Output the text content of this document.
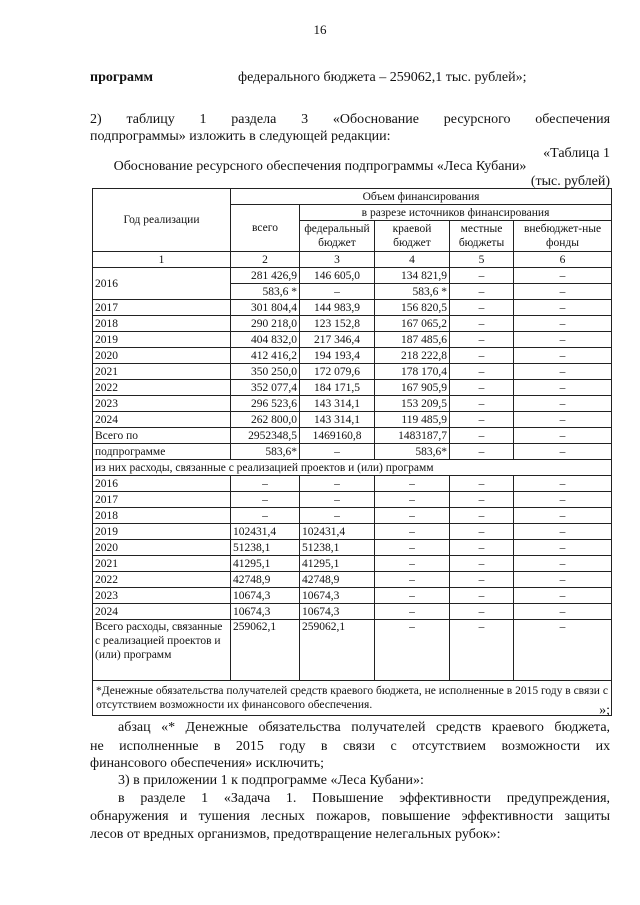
16
программ	федерального бюджета – 259062,1 тыс. рублей»;
2) таблицу 1 раздела 3 «Обоснование ресурсного обеспечения
подпрограммы» изложить в следующей редакции:
«Таблица 1
Обоснование ресурсного обеспечения подпрограммы «Леса Кубани»
(тыс. рублей)
Год реализации	Объем финансирования				
	всего	в разрезе источников финансирования			
		федеральный бюджет	краевой бюджет	местные бюджеты	внебюджет-ные фонды
1	2	3	4	5	6
2016	281 426,9	146 605,0	134 821,9	–	–
	583,6 *	–	583,6 *	–	–
2017	301 804,4	144 983,9	156 820,5	–	–
2018	290 218,0	123 152,8	167 065,2	–	–
2019	404 832,0	217 346,4	187 485,6	–	–
2020	412 416,2	194 193,4	218 222,8	–	–
2021	350 250,0	172 079,6	178 170,4	–	–
2022	352 077,4	184 171,5	167 905,9	–	–
2023	296 523,6	143 314,1	153 209,5	–	–
2024	262 800,0	143 314,1	119 485,9	–	–
Всего по	2952348,5	1469160,8	1483187,7	–	–
подпрограмме	583,6*	–	583,6*	–	–
из них расходы, связанные с реализацией проектов и (или) программ					
2016	–	–	–	–	–
2017	–	–	–	–	–
2018	–	–	–	–	–
2019	102431,4	102431,4	–	–	–
2020	51238,1	51238,1	–	–	–
2021	41295,1	41295,1	–	–	–
2022	42748,9	42748,9	–	–	–
2023	10674,3	10674,3	–	–	–
2024	10674,3	10674,3	–	–	–
Всего расходы, связанные с реализацией проектов и (или) программ	259062,1	259062,1	–	–	–
*Денежные обязательства получателей средств краевого бюджета, не исполненные в 2015 году в связи с отсутствием возможности их финансового обеспечения.						»;
абзац «* Денежные обязательства получателей средств краевого бюджета,
не исполненные в 2015 году в связи с отсутствием возможности их
финансового обеспечения» исключить;
3) в приложении 1 к подпрограмме «Леса Кубани»:
в разделе 1 «Задача 1. Повышение эффективности предупреждения,
обнаружения и тушения лесных пожаров, повышение эффективности защиты
лесов от вредных организмов, предотвращение нелегальных рубок»:
